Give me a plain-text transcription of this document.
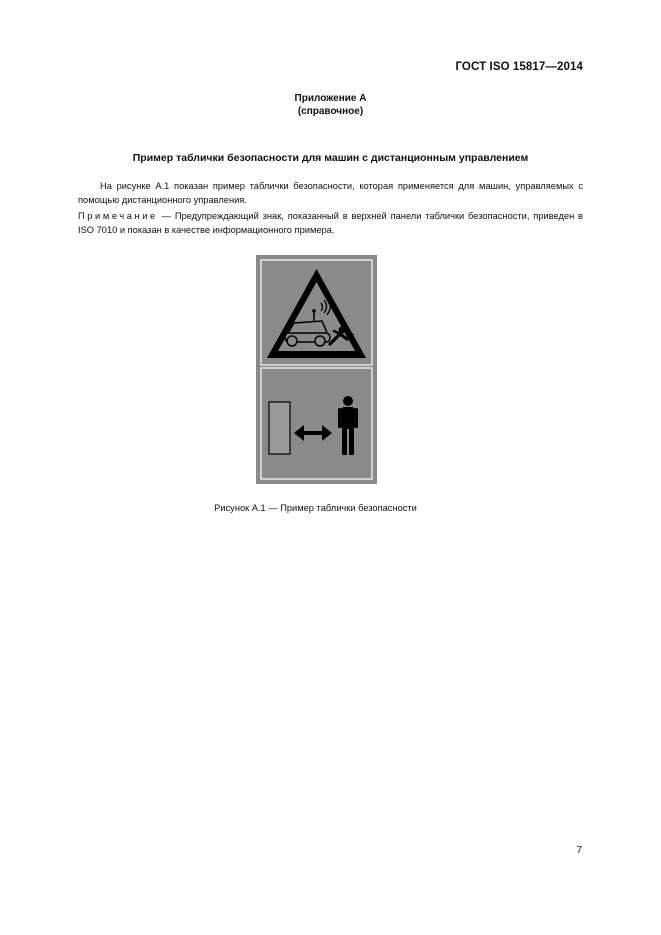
ГОСТ ISO 15817—2014
Приложение А
(справочное)
Пример таблички безопасности для машин с дистанционным управлением
На рисунке А.1 показан пример таблички безопасности, которая применяется для машин, управляемых с помощью дистанционного управления.
Примечание — Предупреждающий знак, показанный в верхней панели таблички безопасности, приведен в ISO 7010 и показан в качестве информационного примера.
Рисунок А.1 — Пример таблички безопасности
7
